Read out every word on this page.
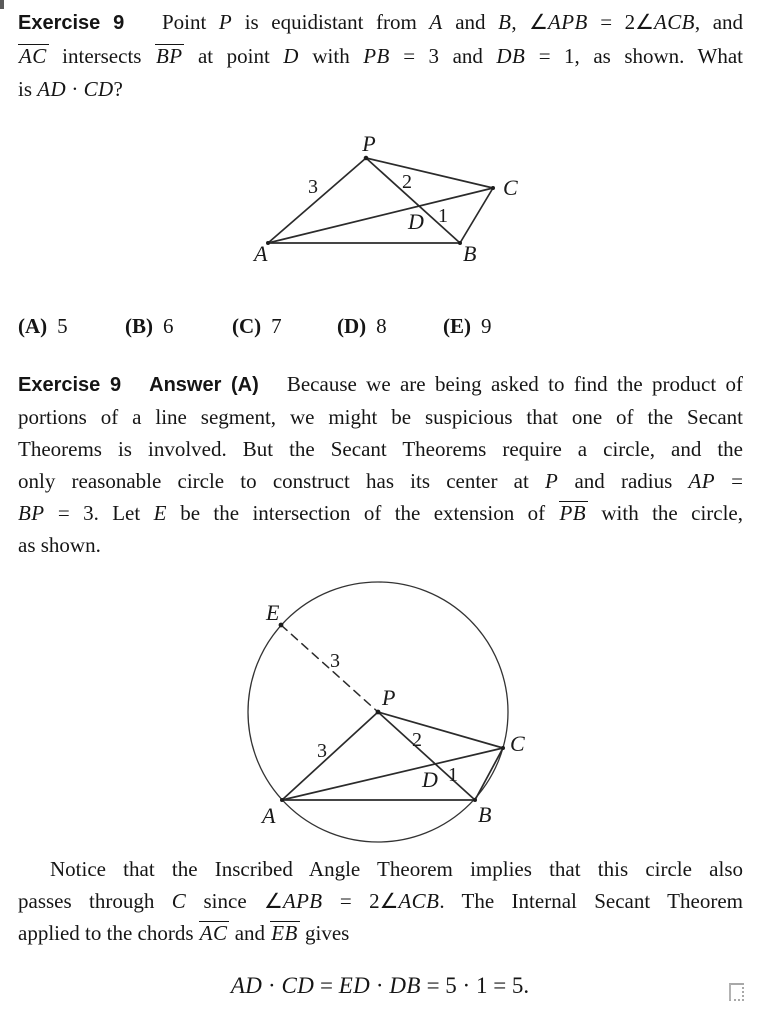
Exercise 9 Point P is equidistant from A and B, ∠APB = 2∠ACB, and
AC intersects BP at point D with PB = 3 and DB = 1, as shown. What
is AD · CD?
P
C
A	B
D
3	2
1
(A) 5	(B) 6	(C) 7	(D) 8	(E) 9
Exercise 9 Answer (A) Because we are being asked to find the product of
portions of a line segment, we might be suspicious that one of the Secant
Theorems is involved. But the Secant Theorems require a circle, and the
only reasonable circle to construct has its center at P and radius AP =
BP = 3. Let E be the intersection of the extension of PB with the circle,
as shown.
E
P
C
A	B
D
3
3	2
1
Notice that the Inscribed Angle Theorem implies that this circle also
passes through C since ∠APB = 2∠ACB. The Internal Secant Theorem
applied to the chords AC and EB gives
AD · CD = ED · DB = 5 · 1 = 5.
